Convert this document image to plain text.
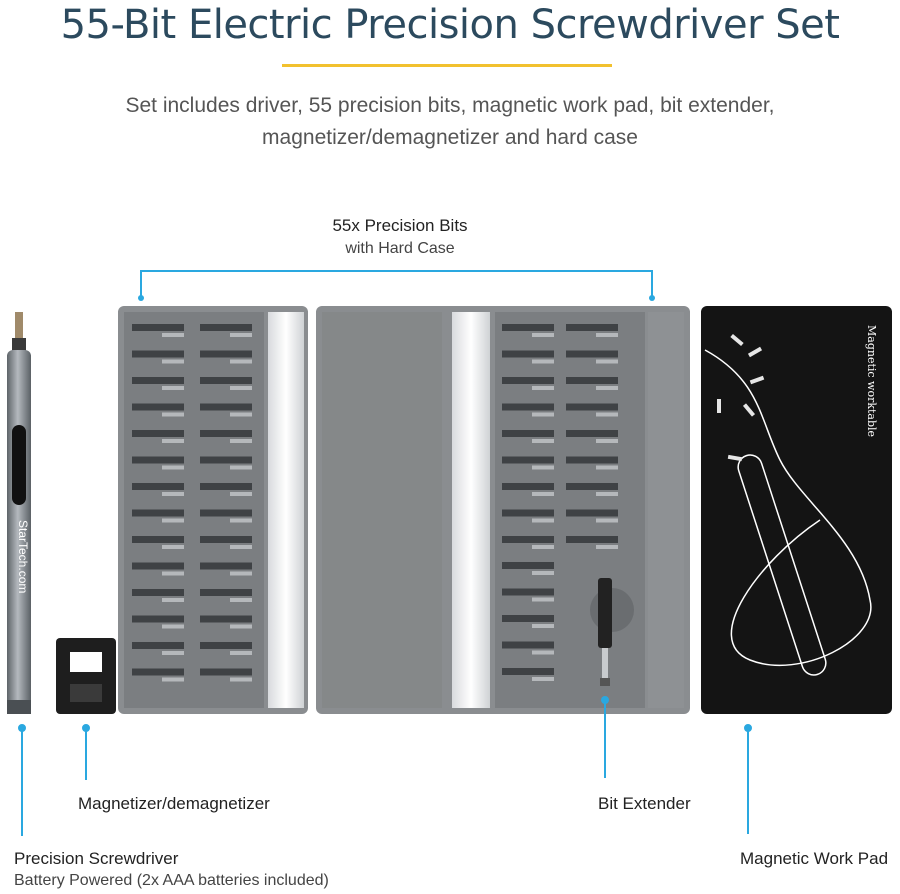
55-Bit Electric Precision Screwdriver Set
Set includes driver, 55 precision bits, magnetic work pad, bit extender,
magnetizer/demagnetizer and hard case
55x Precision Bits
with Hard Case
StarTech.com
Magnetic worktable
Magnetizer/demagnetizer	Bit Extender
Precision Screwdriver
Battery Powered (2x AAA batteries included)
Magnetic Work Pad
